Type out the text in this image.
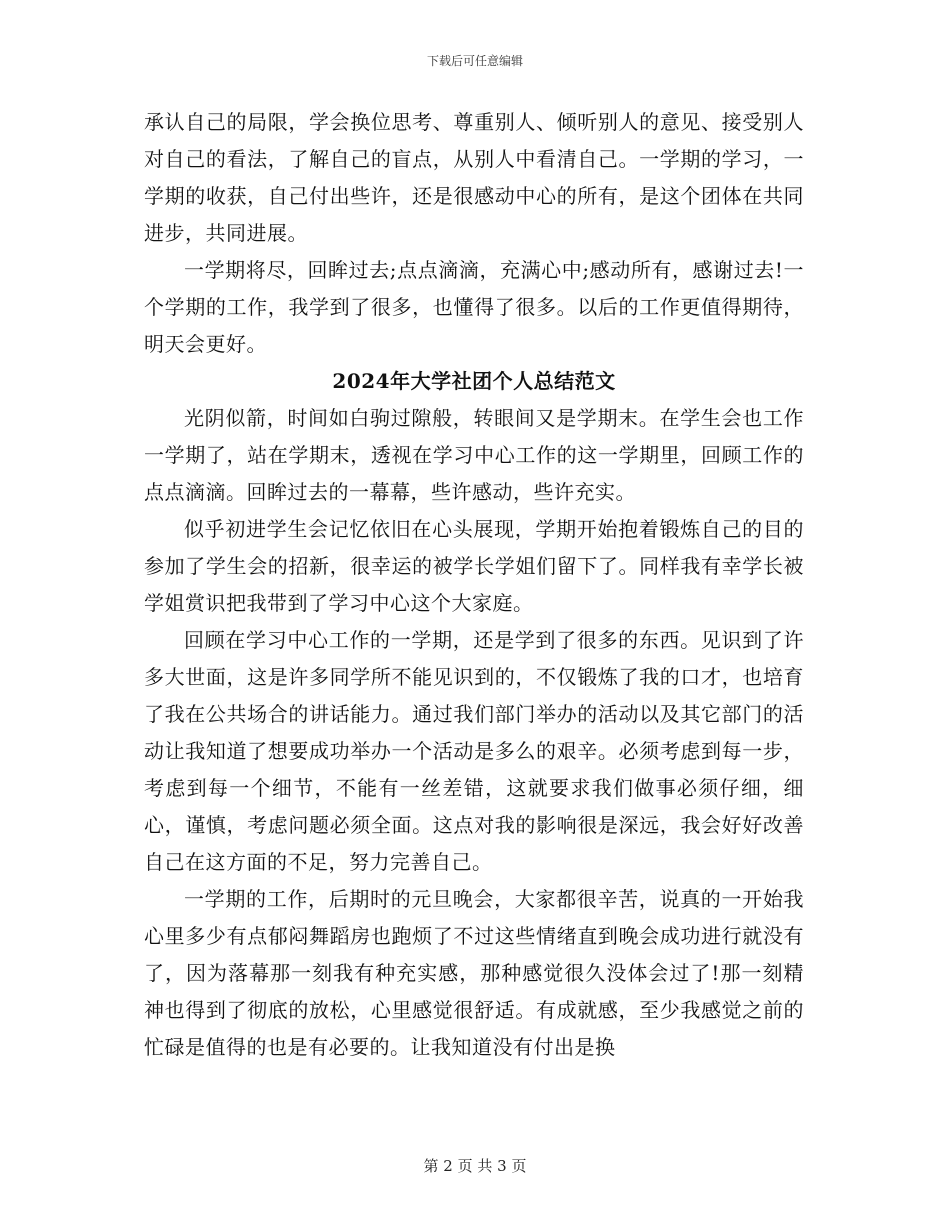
下载后可任意编辑

承认自己的局限，学会换位思考、尊重别人、倾听别人的意见、接受别人对自己的看法，了解自己的盲点，从别人中看清自己。一学期的学习，一学期的收获，自己付出些许，还是很感动中心的所有，是这个团体在共同进步，共同进展。

一学期将尽，回眸过去;点点滴滴，充满心中;感动所有，感谢过去!一个学期的工作，我学到了很多，也懂得了很多。以后的工作更值得期待，明天会更好。

2024年大学社团个人总结范文

光阴似箭，时间如白驹过隙般，转眼间又是学期末。在学生会也工作一学期了，站在学期末，透视在学习中心工作的这一学期里，回顾工作的点点滴滴。回眸过去的一幕幕，些许感动，些许充实。

似乎初进学生会记忆依旧在心头展现，学期开始抱着锻炼自己的目的参加了学生会的招新，很幸运的被学长学姐们留下了。同样我有幸学长被学姐赏识把我带到了学习中心这个大家庭。

回顾在学习中心工作的一学期，还是学到了很多的东西。见识到了许多大世面，这是许多同学所不能见识到的，不仅锻炼了我的口才，也培育了我在公共场合的讲话能力。通过我们部门举办的活动以及其它部门的活动让我知道了想要成功举办一个活动是多么的艰辛。必须考虑到每一步，考虑到每一个细节，不能有一丝差错，这就要求我们做事必须仔细，细心，谨慎，考虑问题必须全面。这点对我的影响很是深远，我会好好改善自己在这方面的不足，努力完善自己。

一学期的工作，后期时的元旦晚会，大家都很辛苦，说真的一开始我心里多少有点郁闷舞蹈房也跑烦了不过这些情绪直到晚会成功进行就没有了，因为落幕那一刻我有种充实感，那种感觉很久没体会过了!那一刻精神也得到了彻底的放松，心里感觉很舒适。有成就感，至少我感觉之前的忙碌是值得的也是有必要的。让我知道没有付出是换

第 2 页 共 3 页
